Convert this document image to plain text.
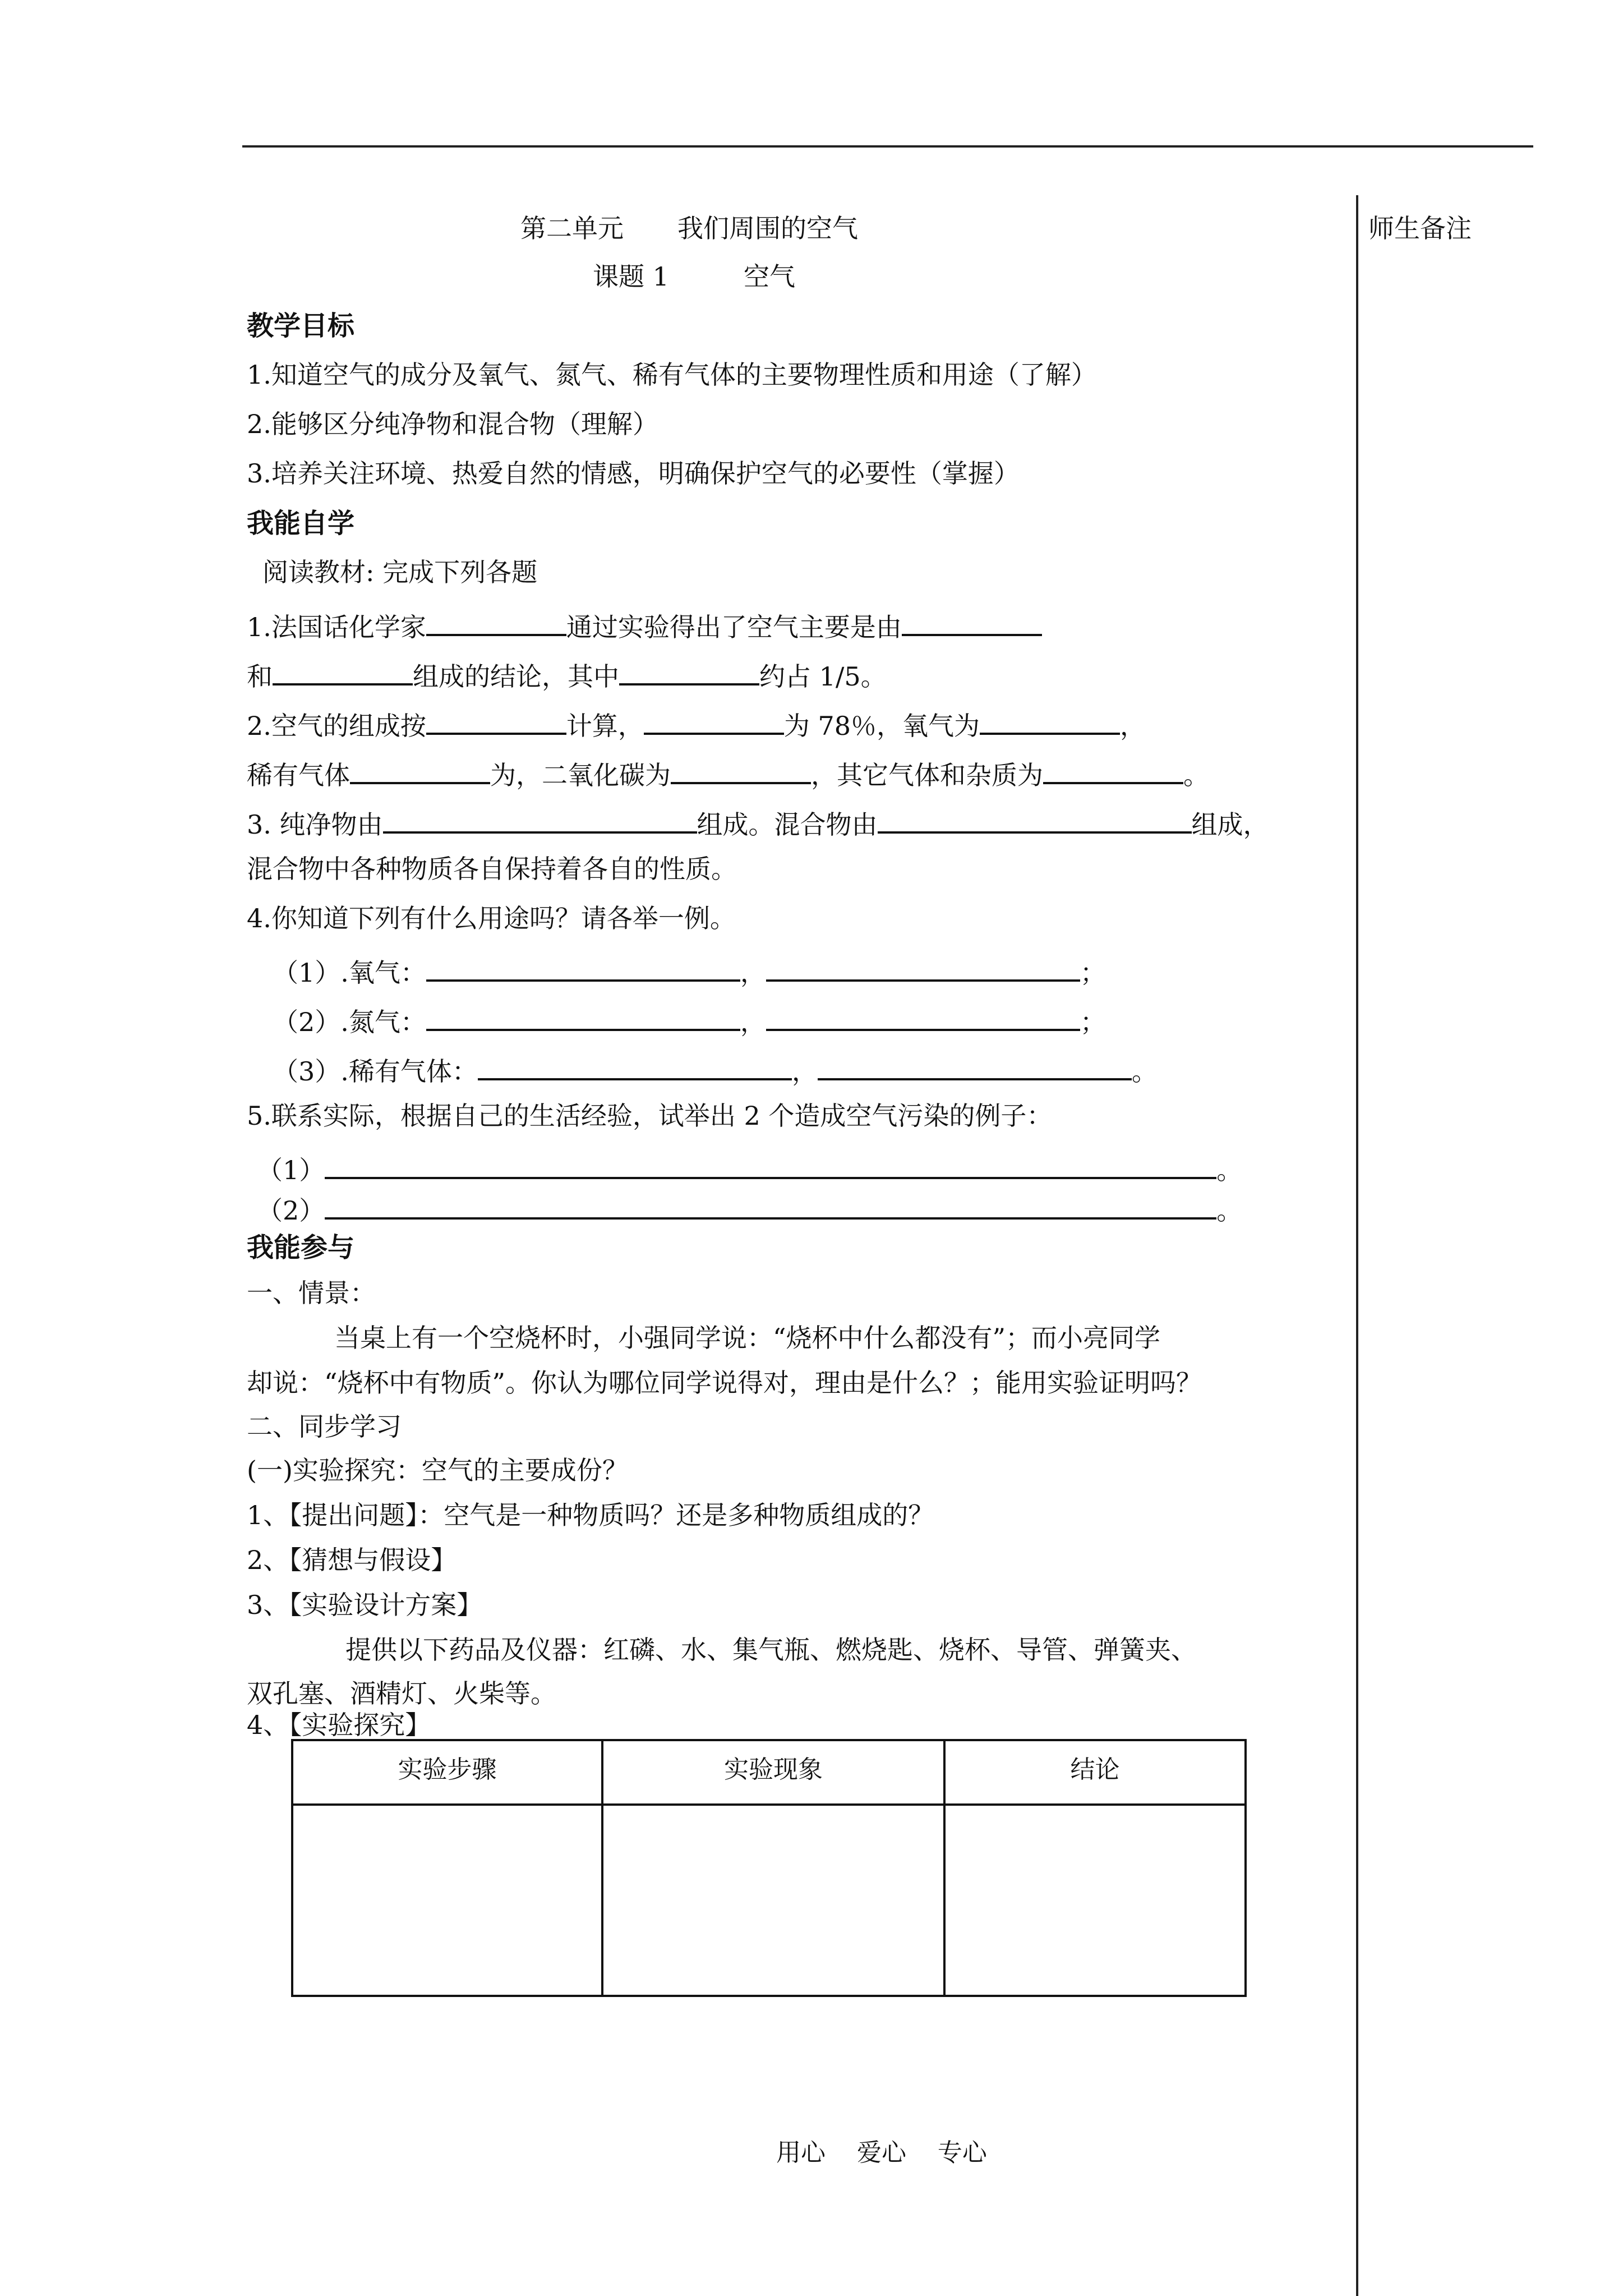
师生备注
第二单元 我们周围的空气
课题 1	空气
教学目标
1.知道空气的成分及氧气、氮气、稀有气体的主要物理性质和用途（了解）
2.能够区分纯净物和混合物（理解）
3.培养关注环境、热爱自然的情感，明确保护空气的必要性（掌握）
我能自学
阅读教材: 完成下列各题
1.法国话化学家	通过实验得出了空气主要是由
和	组成的结论，其中	约占 1/5。
2.空气的组成按	计算，	为 78％，氧气为	，
稀有气体	为，二氧化碳为	，其它气体和杂质为	。
3. 纯净物由	组成。混合物由	组成，
混合物中各种物质各自保持着各自的性质。
4.你知道下列有什么用途吗？请各举一例。
（1）.氧气：	，	；
（2）.氮气：	，	；
（3）.稀有气体：	，	。
5.联系实际，根据自己的生活经验，试举出 2 个造成空气污染的例子：
（1）	。
（2）	。
我能参与
一、情景：
当桌上有一个空烧杯时，小强同学说：“烧杯中什么都没有”；而小亮同学
却说：“烧杯中有物质”。你认为哪位同学说得对，理由是什么？；能用实验证明吗？
二、同步学习
(一)实验探究：空气的主要成份？
1、【提出问题】：空气是一种物质吗？还是多种物质组成的？
2、【猜想与假设】
3、【实验设计方案】
提供以下药品及仪器：红磷、水、集气瓶、燃烧匙、烧杯、导管、弹簧夹、
双孔塞、酒精灯、火柴等。
4、【实验探究】
实验步骤	实验现象	结论

用心    爱心    专心
